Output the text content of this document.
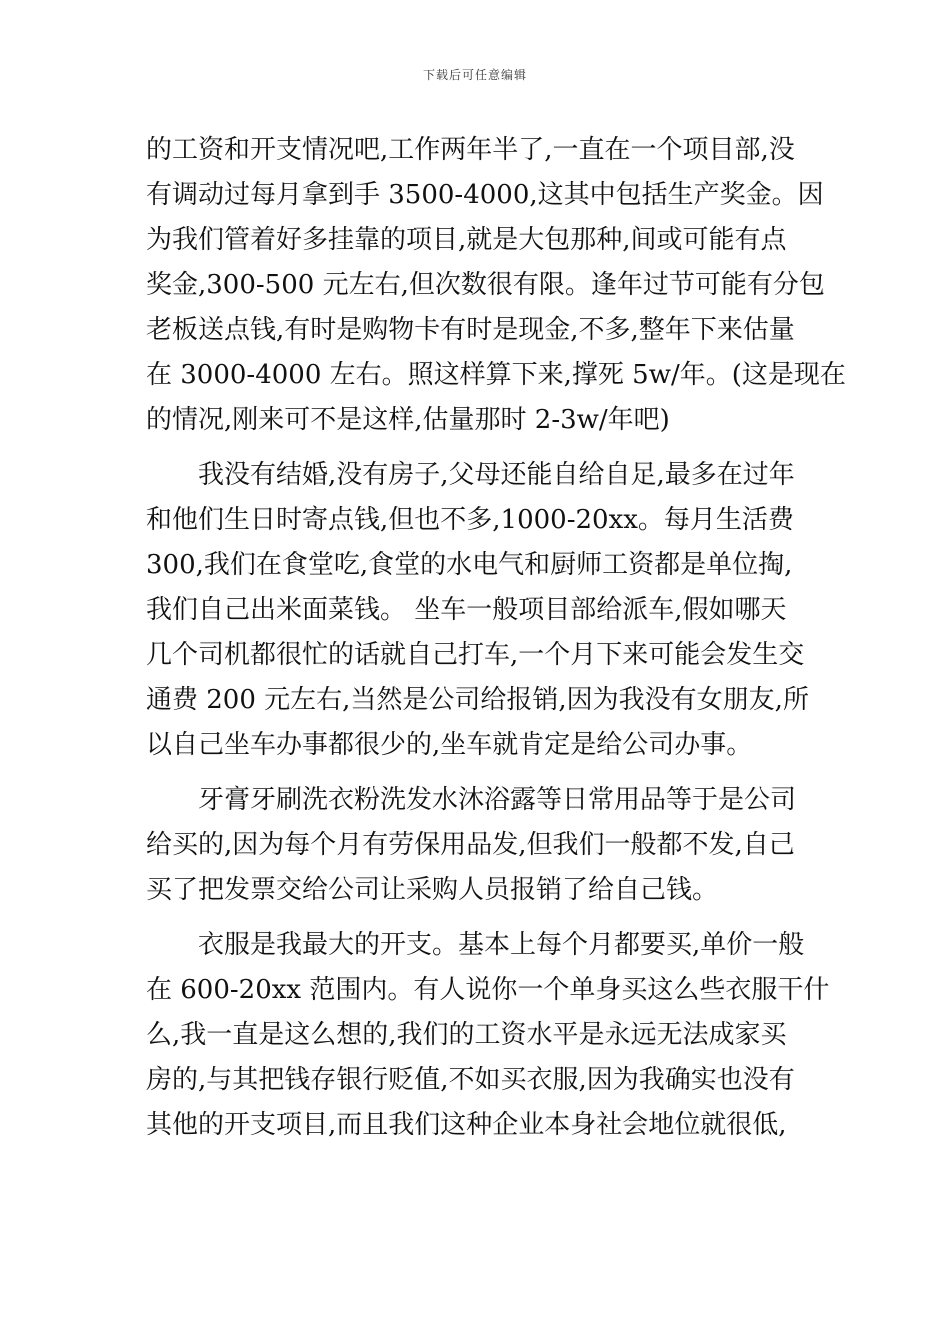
下载后可任意编辑
的工资和开支情况吧,工作两年半了,一直在一个项目部,没
有调动过每月拿到手 3500-4000,这其中包括生产奖金。因
为我们管着好多挂靠的项目,就是大包那种,间或可能有点
奖金,300-500 元左右,但次数很有限。逢年过节可能有分包
老板送点钱,有时是购物卡有时是现金,不多,整年下来估量
在 3000-4000 左右。照这样算下来,撑死 5w/年。(这是现在
的情况,刚来可不是这样,估量那时 2-3w/年吧)
我没有结婚,没有房子,父母还能自给自足,最多在过年
和他们生日时寄点钱,但也不多,1000-20xx。每月生活费
300,我们在食堂吃,食堂的水电气和厨师工资都是单位掏,
我们自己出米面菜钱。 坐车一般项目部给派车,假如哪天
几个司机都很忙的话就自己打车,一个月下来可能会发生交
通费 200 元左右,当然是公司给报销,因为我没有女朋友,所
以自己坐车办事都很少的,坐车就肯定是给公司办事。
牙膏牙刷洗衣粉洗发水沐浴露等日常用品等于是公司
给买的,因为每个月有劳保用品发,但我们一般都不发,自己
买了把发票交给公司让采购人员报销了给自己钱。
衣服是我最大的开支。基本上每个月都要买,单价一般
在 600-20xx 范围内。有人说你一个单身买这么些衣服干什
么,我一直是这么想的,我们的工资水平是永远无法成家买
房的,与其把钱存银行贬值,不如买衣服,因为我确实也没有
其他的开支项目,而且我们这种企业本身社会地位就很低,
